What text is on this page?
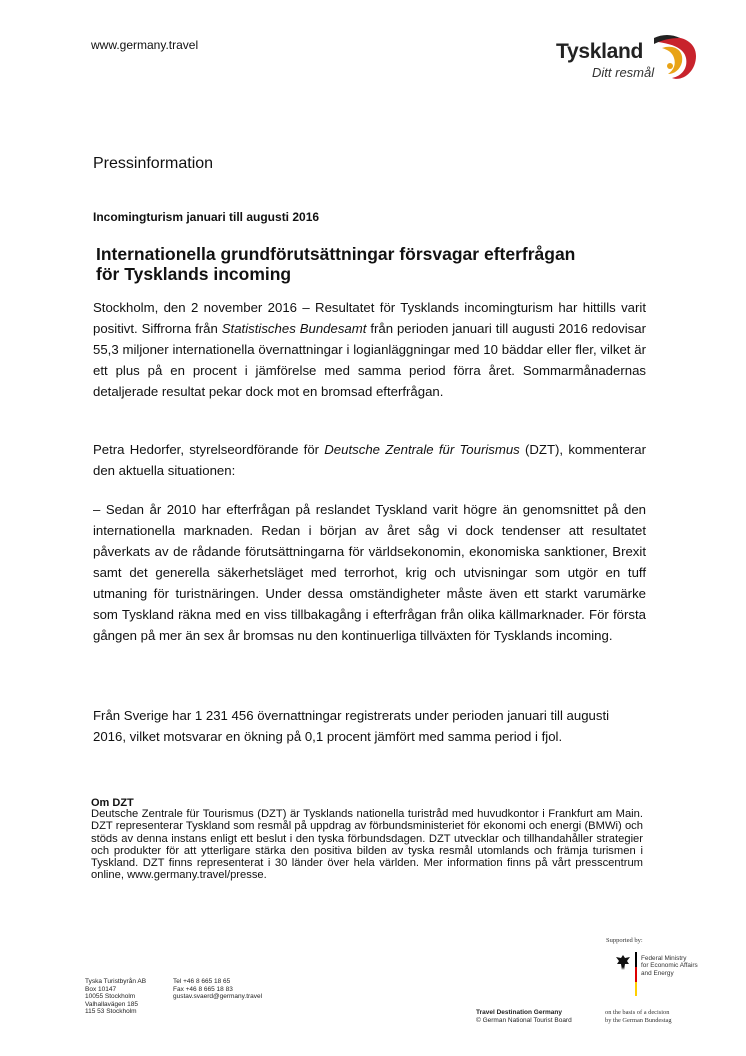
www.germany.travel	Tyskland
Ditt resmål
Pressinformation
Incomingturism januari till augusti 2016
Internationella grundförutsättningar försvagar efterfrågan
för Tysklands incoming
Stockholm, den 2 november 2016 – Resultatet för Tysklands incomingturism har hittills varit positivt. Siffrorna från Statistisches Bundesamt från perioden januari till augusti 2016 redovisar 55,3 miljoner internationella övernattningar i logianläggningar med 10 bäddar eller fler, vilket är ett plus på en procent i jämförelse med samma period förra året. Sommarmånadernas detaljerade resultat pekar dock mot en bromsad efterfrågan.
Petra Hedorfer, styrelseordförande för Deutsche Zentrale für Tourismus (DZT), kommenterar den aktuella situationen:
– Sedan år 2010 har efterfrågan på reslandet Tyskland varit högre än genomsnittet på den internationella marknaden. Redan i början av året såg vi dock tendenser att resultatet påverkats av de rådande förutsättningarna för världsekonomin, ekonomiska sanktioner, Brexit samt det generella säkerhetsläget med terrorhot, krig och utvisningar som utgör en tuff utmaning för turistnäringen. Under dessa omständigheter måste även ett starkt varumärke som Tyskland räkna med en viss tillbakagång i efterfrågan från olika källmarknader. För första gången på mer än sex år bromsas nu den kontinuerliga tillväxten för Tysklands incoming.
Från Sverige har 1 231 456 övernattningar registrerats under perioden januari till augusti
2016, vilket motsvarar en ökning på 0,1 procent jämfört med samma period i fjol.
Om DZT
Deutsche Zentrale für Tourismus (DZT) är Tysklands nationella turistråd med huvudkontor i Frankfurt am Main. DZT representerar Tyskland som resmål på uppdrag av förbundsministeriet för ekonomi och energi (BMWi) och stöds av denna instans enligt ett beslut i den tyska förbundsdagen. DZT utvecklar och tillhandahåller strategier och produkter för att ytterligare stärka den positiva bilden av tyska resmål utomlands och främja turismen i Tyskland. DZT finns representerat i 30 länder över hela världen. Mer information finns på vårt presscentrum online, www.germany.travel/presse.
Supported by:
Federal Ministry
for Economic Affairs
and Energy
Tyska Turistbyrån AB
Box 10147
10055 Stockholm
Valhallavägen 185
115 53 Stockholm
Tel +46 8 665 18 65
Fax +46 8 665 18 83
gustav.svaerd@germany.travel
Travel Destination Germany
© German National Tourist Board
on the basis of a decision
by the German Bundestag
